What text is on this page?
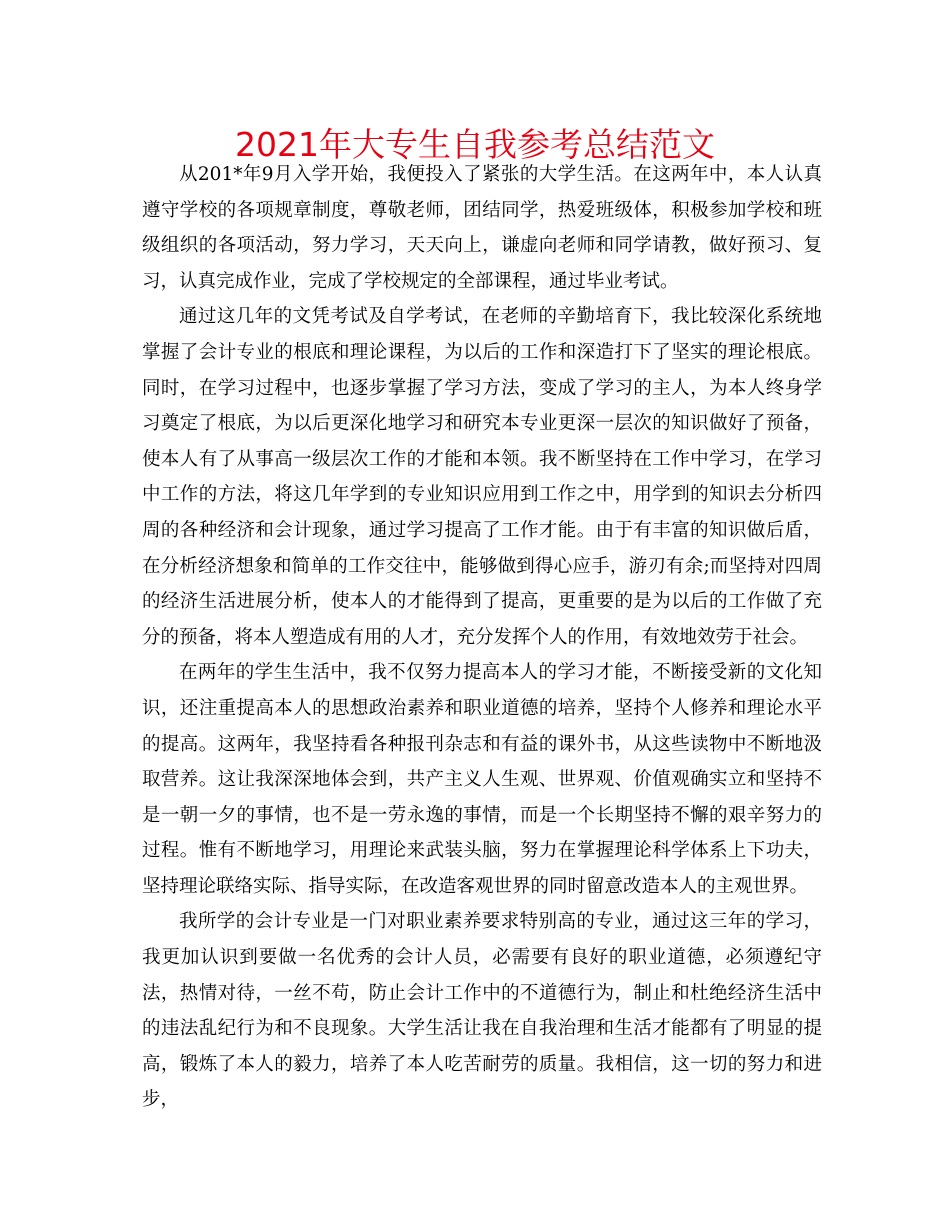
2021年大专生自我参考总结范文

从201*年9月入学开始，我便投入了紧张的大学生活。在这两年中，本人认真遵守学校的各项规章制度，尊敬老师，团结同学，热爱班级体，积极参加学校和班级组织的各项活动，努力学习，天天向上，谦虚向老师和同学请教，做好预习、复习，认真完成作业，完成了学校规定的全部课程，通过毕业考试。

通过这几年的文凭考试及自学考试，在老师的辛勤培育下，我比较深化系统地掌握了会计专业的根底和理论课程，为以后的工作和深造打下了坚实的理论根底。同时，在学习过程中，也逐步掌握了学习方法，变成了学习的主人，为本人终身学习奠定了根底，为以后更深化地学习和研究本专业更深一层次的知识做好了预备，使本人有了从事高一级层次工作的才能和本领。我不断坚持在工作中学习，在学习中工作的方法，将这几年学到的专业知识应用到工作之中，用学到的知识去分析四周的各种经济和会计现象，通过学习提高了工作才能。由于有丰富的知识做后盾，在分析经济想象和简单的工作交往中，能够做到得心应手，游刃有余;而坚持对四周的经济生活进展分析，使本人的才能得到了提高，更重要的是为以后的工作做了充分的预备，将本人塑造成有用的人才，充分发挥个人的作用，有效地效劳于社会。

在两年的学生生活中，我不仅努力提高本人的学习才能，不断接受新的文化知识，还注重提高本人的思想政治素养和职业道德的培养，坚持个人修养和理论水平的提高。这两年，我坚持看各种报刊杂志和有益的课外书，从这些读物中不断地汲取营养。这让我深深地体会到，共产主义人生观、世界观、价值观确实立和坚持不是一朝一夕的事情，也不是一劳永逸的事情，而是一个长期坚持不懈的艰辛努力的过程。惟有不断地学习，用理论来武装头脑，努力在掌握理论科学体系上下功夫，坚持理论联络实际、指导实际，在改造客观世界的同时留意改造本人的主观世界。

我所学的会计专业是一门对职业素养要求特别高的专业，通过这三年的学习，我更加认识到要做一名优秀的会计人员，必需要有良好的职业道德，必须遵纪守法，热情对待，一丝不苟，防止会计工作中的不道德行为，制止和杜绝经济生活中的违法乱纪行为和不良现象。大学生活让我在自我治理和生活才能都有了明显的提高，锻炼了本人的毅力，培养了本人吃苦耐劳的质量。我相信，这一切的努力和进步，
